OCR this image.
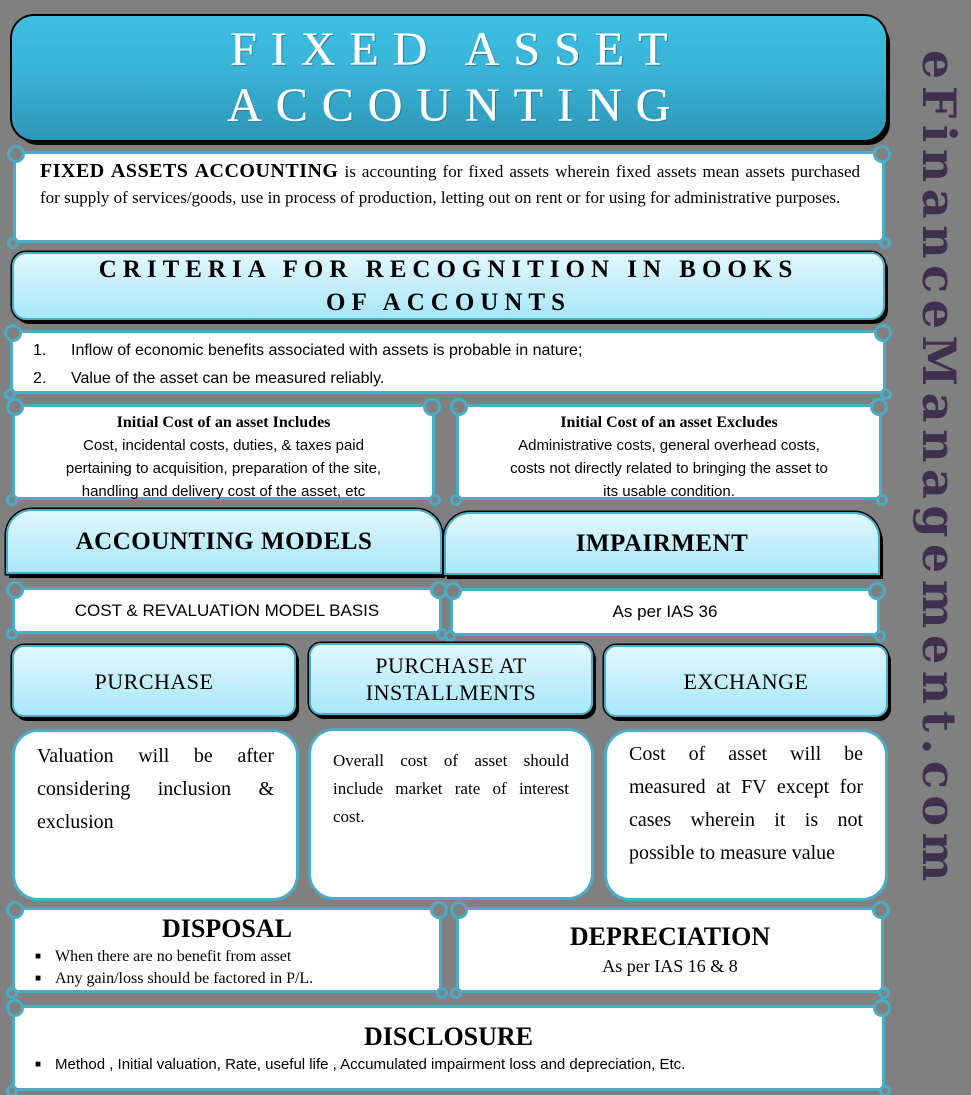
FIXED ASSET
ACCOUNTING

FIXED ASSETS ACCOUNTING is accounting for fixed assets wherein fixed assets mean assets purchased for supply of services/goods, use in process of production, letting out on rent or for using for administrative purposes.

CRITERIA FOR RECOGNITION IN BOOKS
OF ACCOUNTS
1.	Inflow of economic benefits associated with assets is probable in nature;
2.	Value of the asset can be measured reliably.
Initial Cost of an asset Includes
Cost, incidental costs, duties, & taxes paid
pertaining to acquisition, preparation of the site,
handling and delivery cost of the asset, etc
Initial Cost of an asset Excludes
Administrative costs, general overhead costs,
costs not directly related to bringing the asset to
its usable condition.
ACCOUNTING MODELS	IMPAIRMENT
COST & REVALUATION MODEL BASIS	As per IAS 36
PURCHASE
PURCHASE AT
INSTALLMENTS	EXCHANGE

Valuation will be after considering inclusion & exclusion

Overall cost of asset should include market rate of interest cost.

Cost of asset will be measured at FV except for cases wherein it is not possible to measure value

DISPOSAL
■ When there are no benefit from asset
■ Any gain/loss should be factored in P/L.
DEPRECIATION
As per IAS 16 & 8
DISCLOSURE
■ Method , Initial valuation, Rate, useful life , Accumulated impairment loss and depreciation, Etc.
eFinanceManagement.com
